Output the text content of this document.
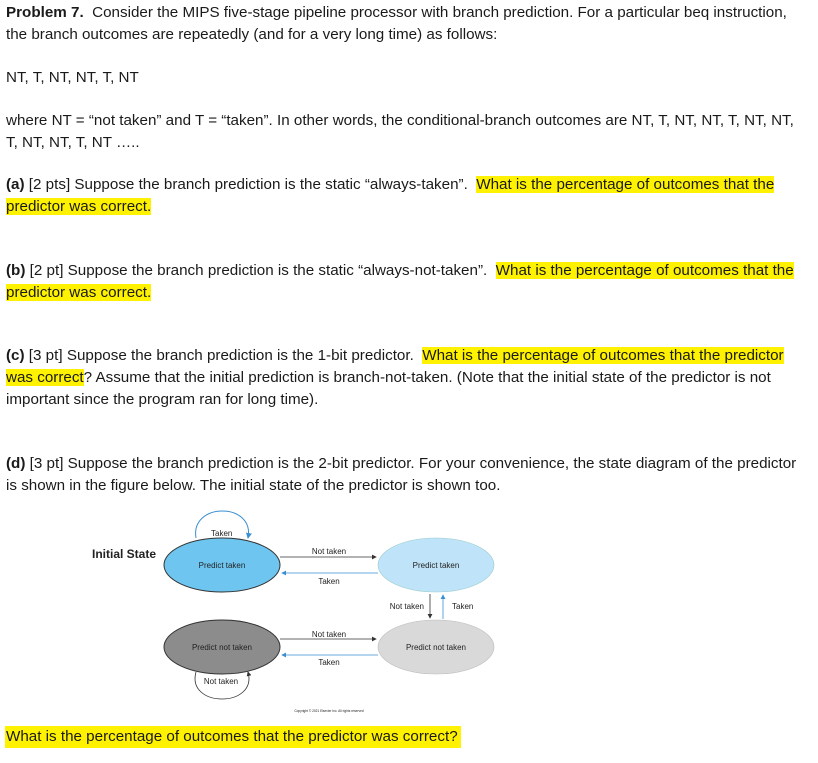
Problem 7. Consider the MIPS five-stage pipeline processor with branch prediction. For a particular beq instruction, the branch outcomes are repeatedly (and for a very long time) as follows:

NT, T, NT, NT, T, NT

where NT = “not taken” and T = “taken”. In other words, the conditional-branch outcomes are NT, T, NT, NT, T, NT, NT, T, NT, NT, T, NT …..

(a) [2 pts] Suppose the branch prediction is the static “always-taken”. What is the percentage of outcomes that the predictor was correct.

(b) [2 pt] Suppose the branch prediction is the static “always-not-taken”. What is the percentage of outcomes that the predictor was correct.

(c) [3 pt] Suppose the branch prediction is the 1-bit predictor. What is the percentage of outcomes that the predictor was correct? Assume that the initial prediction is branch-not-taken. (Note that the initial state of the predictor is not important since the program ran for long time).

(d) [3 pt] Suppose the branch prediction is the 2-bit predictor. For your convenience, the state diagram of the predictor is shown in the figure below. The initial state of the predictor is shown too.

Initial State
Taken
Predict taken	Predict taken
Predict not taken	Predict not taken
Not taken
Taken
Not taken	Taken
Not taken
Taken
Not taken
Copyright © 2021 Elsevier Inc. All rights reserved

What is the percentage of outcomes that the predictor was correct?
